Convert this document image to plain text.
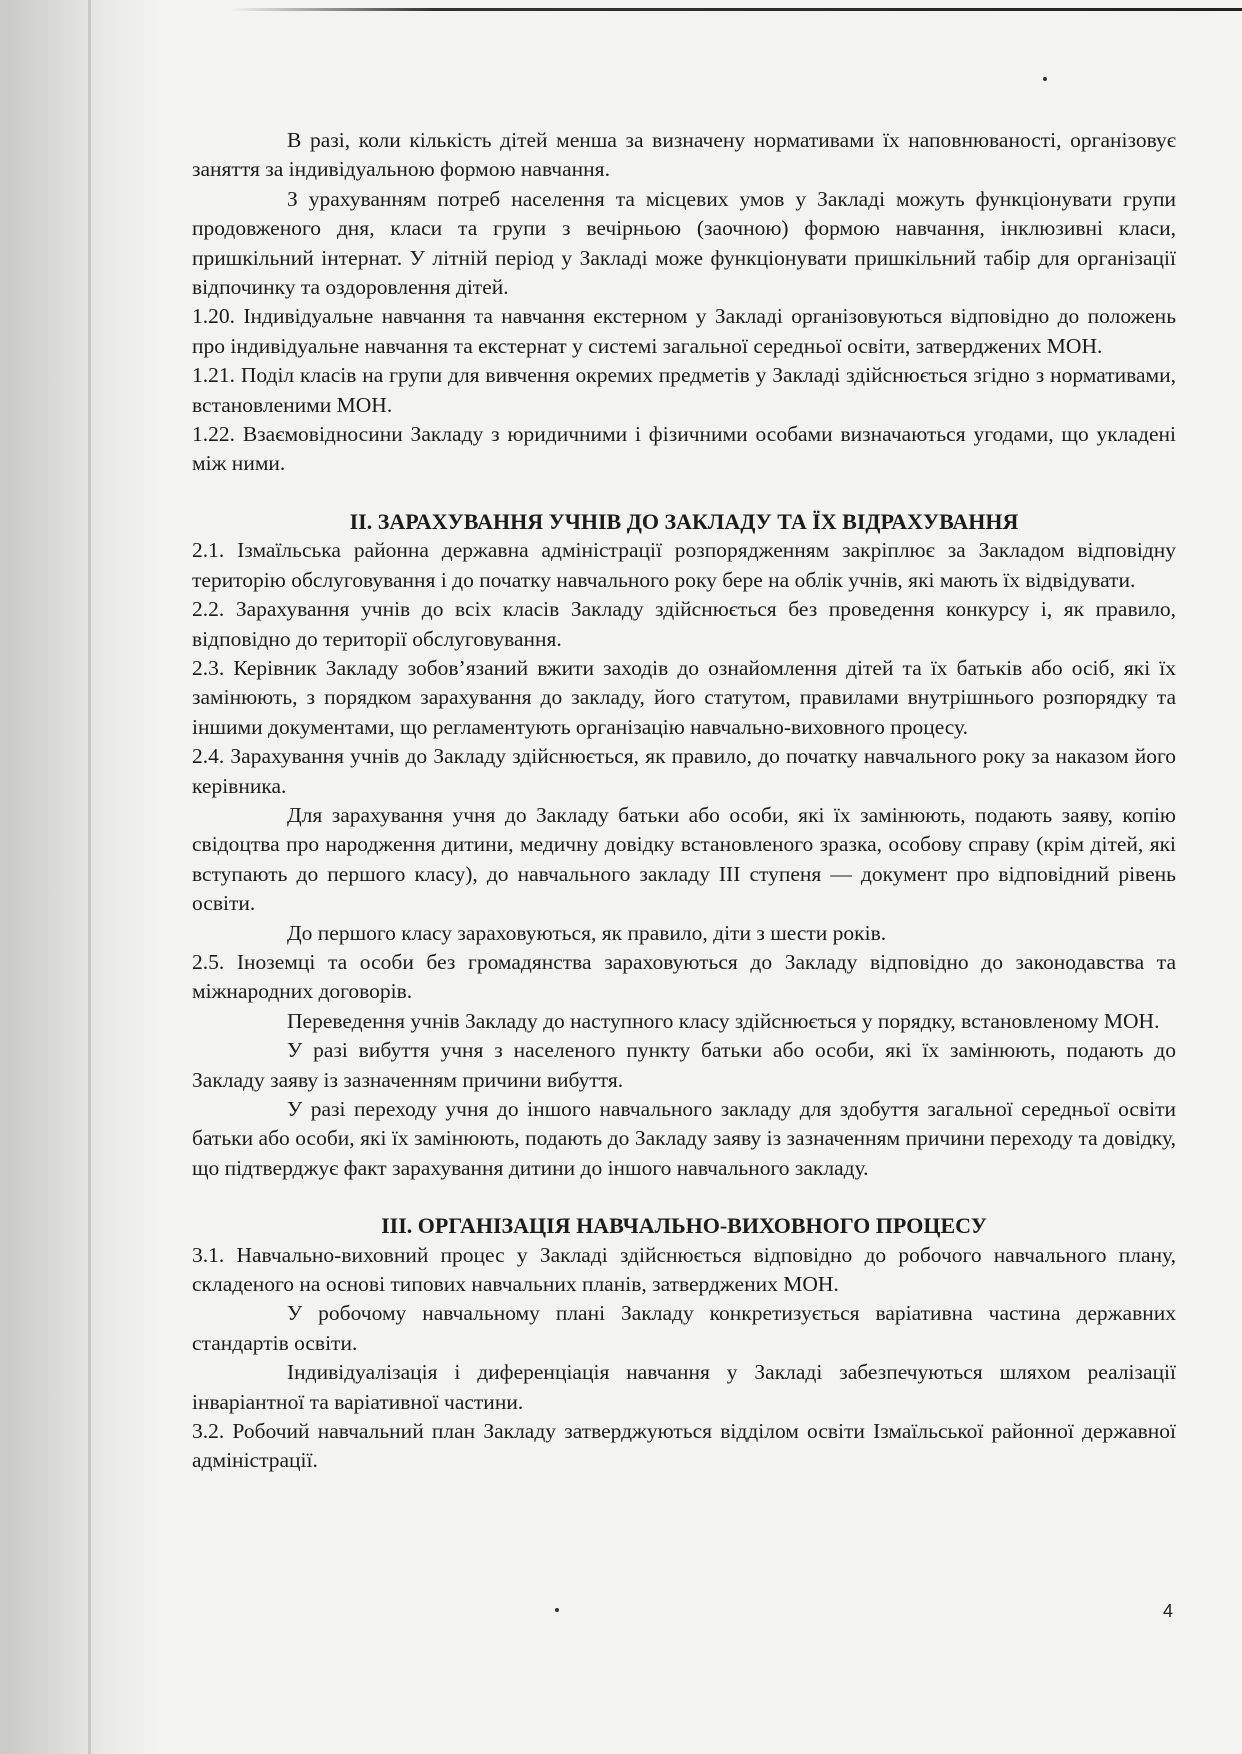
В разі, коли кількість дітей менша за визначену нормативами їх наповнюваності, організовує заняття за індивідуальною формою навчання.

З урахуванням потреб населення та місцевих умов у Закладі можуть функціонувати групи продовженого дня, класи та групи з вечірньою (заочною) формою навчання, інклюзивні класи, пришкільний інтернат. У літній період у Закладі може функціонувати пришкільний табір для організації відпочинку та оздоровлення дітей.

1.20. Індивідуальне навчання та навчання екстерном у Закладі організовуються відповідно до положень про індивідуальне навчання та екстернат у системі загальної середньої освіти, затверджених МОН.

1.21. Поділ класів на групи для вивчення окремих предметів у Закладі здійснюється згідно з нормативами, встановленими МОН.

1.22. Взаємовідносини Закладу з юридичними і фізичними особами визначаються угодами, що укладені між ними.

ІІ. ЗАРАХУВАННЯ УЧНІВ ДО ЗАКЛАДУ ТА ЇХ ВІДРАХУВАННЯ

2.1. Ізмаїльська районна державна адміністрації розпорядженням закріплює за Закладом відповідну територію обслуговування і до початку навчального року бере на облік учнів, які мають їх відвідувати.

2.2. Зарахування учнів до всіх класів Закладу здійснюється без проведення конкурсу і, як правило, відповідно до території обслуговування.

2.3. Керівник Закладу зобов’язаний вжити заходів до ознайомлення дітей та їх батьків або осіб, які їх замінюють, з порядком зарахування до закладу, його статутом, правилами внутрішнього розпорядку та іншими документами, що регламентують організацію навчально-виховного процесу.

2.4. Зарахування учнів до Закладу здійснюється, як правило, до початку навчального року за наказом його керівника.

Для зарахування учня до Закладу батьки або особи, які їх замінюють, подають заяву, копію свідоцтва про народження дитини, медичну довідку встановленого зразка, особову справу (крім дітей, які вступають до першого класу), до навчального закладу ІІІ ступеня — документ про відповідний рівень освіти.

До першого класу зараховуються, як правило, діти з шести років.

2.5. Іноземці та особи без громадянства зараховуються до Закладу відповідно до законодавства та міжнародних договорів.

Переведення учнів Закладу до наступного класу здійснюється у порядку, встановленому МОН.

У разі вибуття учня з населеного пункту батьки або особи, які їх замінюють, подають до Закладу заяву із зазначенням причини вибуття.

У разі переходу учня до іншого навчального закладу для здобуття загальної середньої освіти батьки або особи, які їх замінюють, подають до Закладу заяву із зазначенням причини переходу та довідку, що підтверджує факт зарахування дитини до іншого навчального закладу.

ІІІ. ОРГАНІЗАЦІЯ НАВЧАЛЬНО-ВИХОВНОГО ПРОЦЕСУ

3.1. Навчально-виховний процес у Закладі здійснюється відповідно до робочого навчального плану, складеного на основі типових навчальних планів, затверджених МОН.

У робочому навчальному плані Закладу конкретизується варіативна частина державних стандартів освіти.

Індивідуалізація і диференціація навчання у Закладі забезпечуються шляхом реалізації інваріантної та варіативної частини.

3.2. Робочий навчальний план Закладу затверджуються відділом освіти Ізмаїльської районної державної адміністрації.

4
